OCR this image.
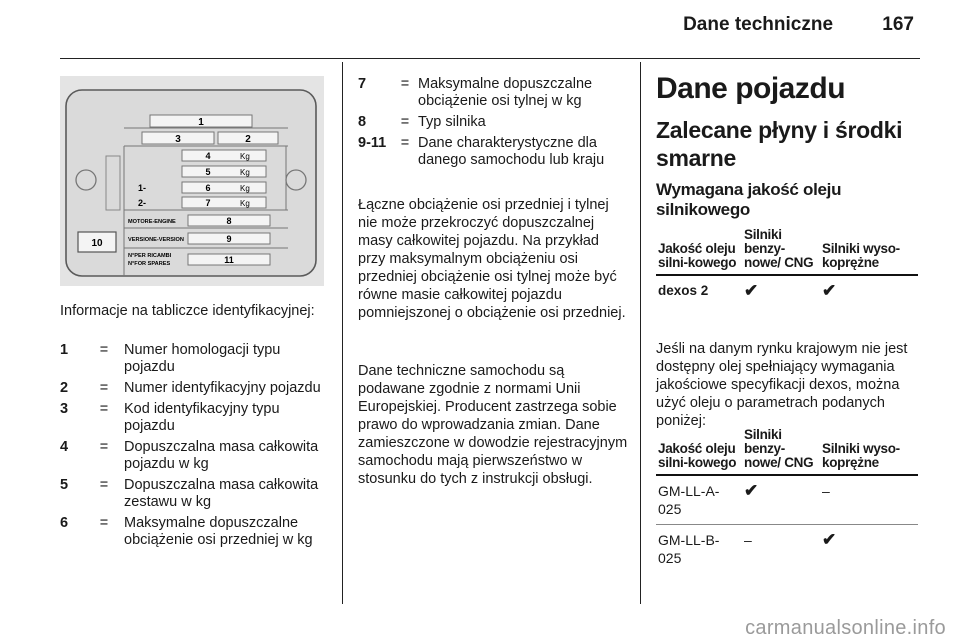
Dane techniczne	167
1
3	2
4	Kg
5	Kg
1-	6	Kg
2-	7	Kg
MOTORE-ENGINE	8
VERSIONE-VERSION	9
N°PER RICAMBI
N°FOR SPARES	11
10
Informacje na tabliczce identyfikacyjnej:
1	=	Numer homologacji typu pojazdu
2	=	Numer identyfikacyjny pojazdu
3	=	Kod identyfikacyjny typu pojazdu
4	=	Dopuszczalna masa całkowita pojazdu w kg
5	=	Dopuszczalna masa całkowita zestawu w kg
6	=	Maksymalne dopuszczalne obciążenie osi przedniej w kg
7	= Maksymalne dopuszczalne obciążenie osi tylnej w kg
8	= Typ silnika
9-11	= Dane charakterystyczne dla danego samochodu lub kraju

Łączne obciążenie osi przedniej i tylnej nie może przekroczyć dopuszczalnej masy całkowitej pojazdu. Na przykład przy maksymalnym obciążeniu osi przedniej obciążenie osi tylnej może być równe masie całkowitej pojazdu pomniejszonej o obciążenie osi przedniej.

Dane techniczne samochodu są podawane zgodnie z normami Unii Europejskiej. Producent zastrzega sobie prawo do wprowadzania zmian. Dane zamieszczone w dowodzie rejestracyjnym samochodu mają pierwszeństwo w stosunku do tych z instrukcji obsługi.

Dane pojazdu
Zalecane płyny i środki smarne
Wymagana jakość oleju silnikowego
Jakość oleju silni-kowego	Silniki benzy-nowe/ CNG	Silniki wyso-koprężne
dexos 2	✔	✔

Jeśli na danym rynku krajowym nie jest dostępny olej spełniający wymagania jakościowe specyfikacji dexos, można użyć oleju o parametrach podanych poniżej:

Jakość oleju silni-kowego	Silniki benzy-nowe/ CNG	Silniki wyso-koprężne
GM-LL-A-025	✔	–
GM-LL-B-025	–	✔
carmanualsonline.info
